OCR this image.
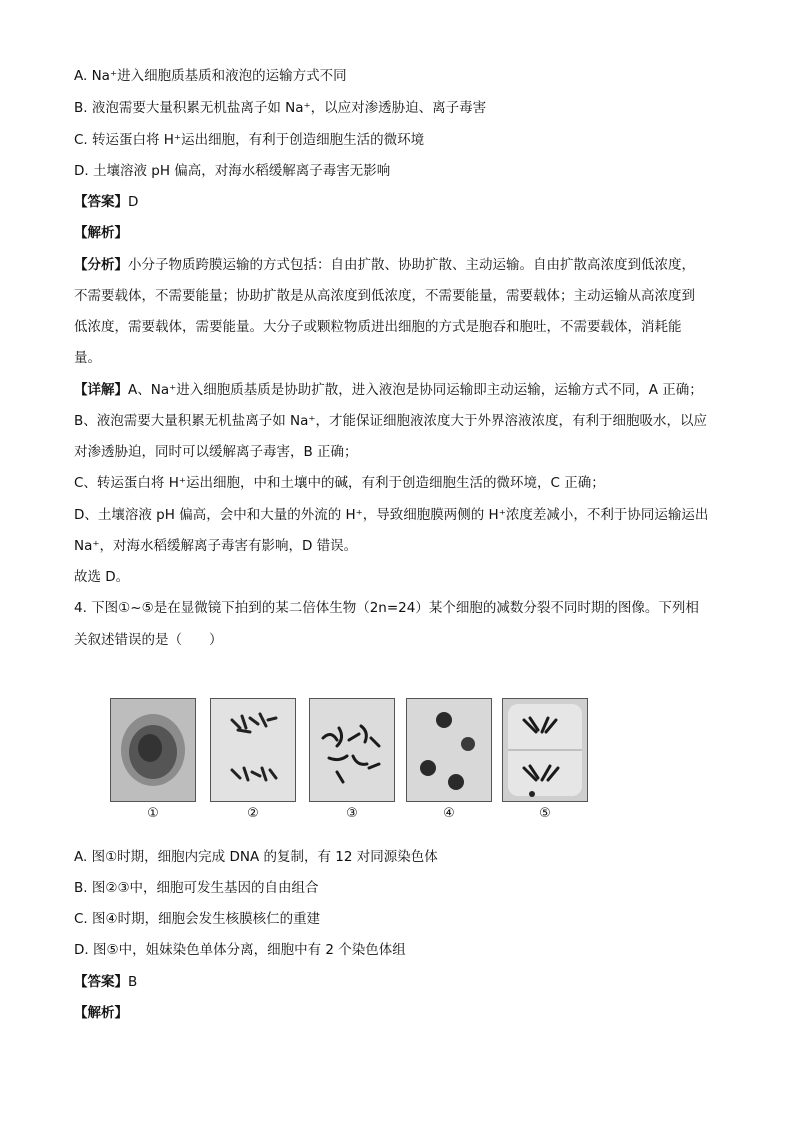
A. Na⁺进入细胞质基质和液泡的运输方式不同
B. 液泡需要大量积累无机盐离子如 Na⁺，以应对渗透胁迫、离子毒害
C. 转运蛋白将 H⁺运出细胞，有利于创造细胞生活的微环境
D. 土壤溶液 pH 偏高，对海水稻缓解离子毒害无影响
【答案】D
【解析】
【分析】小分子物质跨膜运输的方式包括：自由扩散、协助扩散、主动运输。自由扩散高浓度到低浓度，
不需要载体，不需要能量；协助扩散是从高浓度到低浓度，不需要能量，需要载体；主动运输从高浓度到
低浓度，需要载体，需要能量。大分子或颗粒物质进出细胞的方式是胞吞和胞吐，不需要载体，消耗能
量。
【详解】A、Na⁺进入细胞质基质是协助扩散，进入液泡是协同运输即主动运输，运输方式不同，A 正确；
B、液泡需要大量积累无机盐离子如 Na⁺，才能保证细胞液浓度大于外界溶液浓度，有利于细胞吸水，以应
对渗透胁迫，同时可以缓解离子毒害，B 正确；
C、转运蛋白将 H⁺运出细胞，中和土壤中的碱，有利于创造细胞生活的微环境，C 正确；
D、土壤溶液 pH 偏高，会中和大量的外流的 H⁺，导致细胞膜两侧的 H⁺浓度差减小，不利于协同运输运出
Na⁺，对海水稻缓解离子毒害有影响，D 错误。
故选 D。
4. 下图①~⑤是在显微镜下拍到的某二倍体生物（2n=24）某个细胞的减数分裂不同时期的图像。下列相
关叙述错误的是（　　）
①	②	③	④	⑤
A. 图①时期，细胞内完成 DNA 的复制，有 12 对同源染色体
B. 图②③中，细胞可发生基因的自由组合
C. 图④时期，细胞会发生核膜核仁的重建
D. 图⑤中，姐妹染色单体分离，细胞中有 2 个染色体组
【答案】B
【解析】
